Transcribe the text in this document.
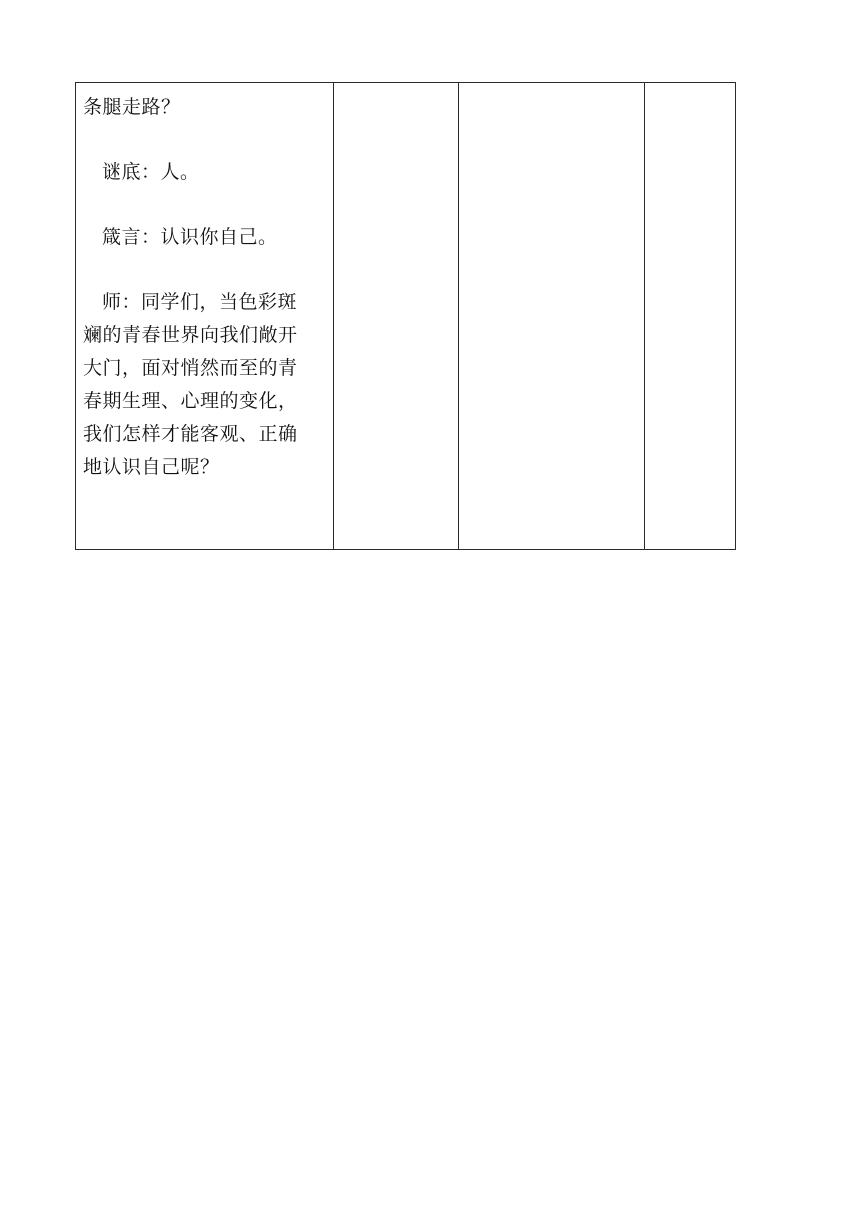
条腿走路？
谜底：人。
箴言：认识你自己。
师：同学们，当色彩斑
斓的青春世界向我们敞开
大门，面对悄然而至的青
春期生理、心理的变化，
我们怎样才能客观、正确
地认识自己呢？
